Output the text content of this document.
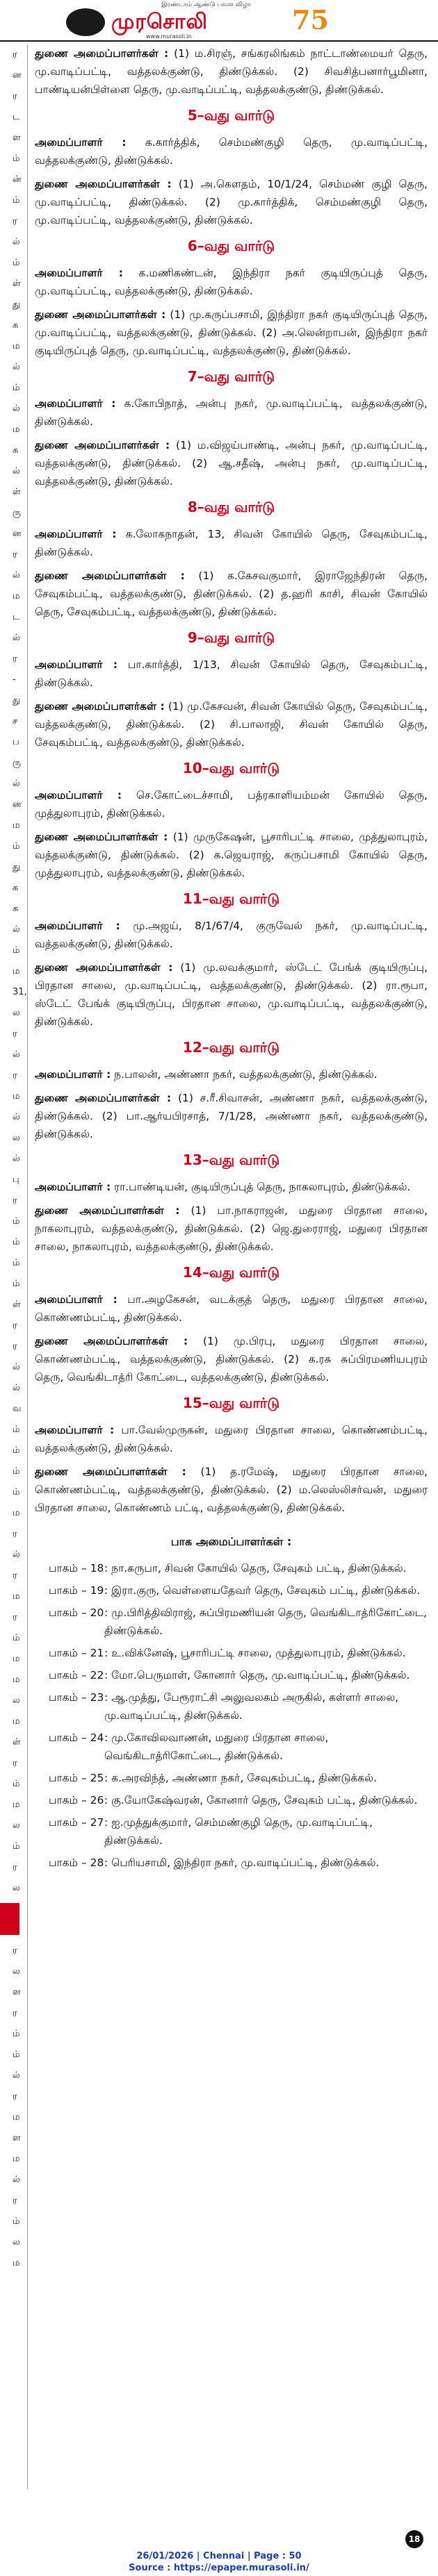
இரண்டாம் ஆண்டு பவள விழா
முரசொலி
www.murasoli.in
75
ர
ன
ர
ட
ள
ம்
ன்
ம்
ர
ல்
ம்
ள்
து
க
ம
ல்
ம்
ல்
ம
க
ல்
ள்
ரு
ன
ர
ல்
ம
ட
ல்
ர
-
து
ச
ப
ரு
ல்
ன
ம
ம்
து
க
க
ல்
ம்
ம
31,
ல
ர
ல்
ர
ம
ல்
ல
ல்
பு
ர
ம்
ம்
ம்
ம்
ள்
ர
ர
ல்
ல்
வ
ம்
ம்
ம்
ம்
ம
ர
ல்
ர
ம
ர
ம்
ம
ம
ல
ம
ள்
ர
ம்
ம
ல
ம்
ர
ல
ர
ல
ள
ர
ம்
ம்
ல்
ர
ம
ள
ம
ல்
ர
ம்
ல
ம

துணை அமைப்பாளர்கள் : (1) ம.சிரஞ், சங்கரலிங்கம் நாட்டாண்மையர் தெரு, மு.வாடிப்பட்டி, வத்தலக்குண்டு, திண்டுக்கல். (2) சிவசித்பனார்பூமினா, பாண்டியன்பிள்ளை தெரு, மு.வாடிப்பட்டி, வத்தலக்குண்டு, திண்டுக்கல்.

5–வது வார்டு

அமைப்பாளர் : க.கார்த்திக், செம்மண்குழி தெரு, மு.வாடிப்பட்டி, வத்தலக்குண்டு, திண்டுக்கல்.

துணை அமைப்பாளர்கள் : (1) அ.கௌதம், 10/1/24, செம்மண் குழி தெரு, மு.வாடிப்பட்டி, திண்டுக்கல். (2) மு.கார்த்திக், செம்மண்குழி தெரு, மு.வாடிப்பட்டி, வத்தலக்குண்டு, திண்டுக்கல்.

6–வது வார்டு

அமைப்பாளர் : க.மணிகண்டன், இந்திரா நகர் குடியிருப்புத் தெரு, மு.வாடிப்பட்டி, வத்தலக்குண்டு, திண்டுக்கல்.

துணை அமைப்பாளர்கள் : (1) மு.கருப்பசாமி, இந்திரா நகர் குடியிருப்புத் தெரு, மு.வாடிப்பட்டி, வத்தலக்குண்டு, திண்டுக்கல். (2) அ.லென்றாபன், இந்திரா நகர் குடியிருப்புத் தெரு, மு.வாடிப்பட்டி, வத்தலக்குண்டு, திண்டுக்கல்.

7–வது வார்டு

அமைப்பாளர் : க.கோபிநாத், அன்பு நகர், மு.வாடிப்பட்டி, வத்தலக்குண்டு, திண்டுக்கல்.

துணை அமைப்பாளர்கள் : (1) ம.விஜய்பாண்டி, அன்பு நகர், மு.வாடிப்பட்டி, வத்தலக்குண்டு, திண்டுக்கல். (2) ஆ.சதீஷ், அன்பு நகர், மு.வாடிப்பட்டி, வத்தலக்குண்டு, திண்டுக்கல்.

8–வது வார்டு

அமைப்பாளர் : க.லோகநாதன், 13, சிவன் கோயில் தெரு, சேவுகம்பட்டி, திண்டுக்கல்.

துணை அமைப்பாளர்கள் : (1) க.கேசவகுமார், இராஜேந்திரன் தெரு, சேவுகம்பட்டி, வத்தலக்குண்டு, திண்டுக்கல். (2) த.ஹரி காசி, சிவன் கோயில் தெரு, சேவுகம்பட்டி, வத்தலக்குண்டு, திண்டுக்கல்.

9–வது வார்டு

அமைப்பாளர் : பா.கார்த்தி, 1/13, சிவன் கோயில் தெரு, சேவுகம்பட்டி, திண்டுக்கல்.

துணை அமைப்பாளர்கள் : (1) மு.கேசவன், சிவன் கோயில் தெரு, சேவுகம்பட்டி, வத்தலக்குண்டு, திண்டுக்கல். (2) சி.பாலாஜி, சிவன் கோயில் தெரு, சேவுகம்பட்டி, வத்தலக்குண்டு, திண்டுக்கல்.

10–வது வார்டு

அமைப்பாளர் : செ.கோட்டைச்சாமி, பத்ரகாளியம்மன் கோயில் தெரு, முத்துலாபுரம், திண்டுக்கல்.

துணை அமைப்பாளர்கள் : (1) முருகேஷன், பூசாரிபட்டி சாலை, முத்துலாபுரம், வத்தலக்குண்டு, திண்டுக்கல். (2) க.ஜெயராஜ், கருப்பசாமி கோயில் தெரு, முத்துலாபுரம், வத்தலக்குண்டு, திண்டுக்கல்.

11–வது வார்டு

அமைப்பாளர் : மு.அஜய், 8/1/67/4, குருவேல் நகர், மு.வாடிப்பட்டி, வத்தலக்குண்டு, திண்டுக்கல்.

துணை அமைப்பாளர்கள் : (1) மு.லவக்குமார், ஸ்டேட் பேங்க் குடியிருப்பு, பிரதான சாலை, மு.வாடிப்பட்டி, வத்தலக்குண்டு, திண்டுக்கல். (2) ரா.ரூபா, ஸ்டேட் பேங்க் குடியிருப்பு, பிரதான சாலை, மு.வாடிப்பட்டி, வத்தலக்குண்டு, திண்டுக்கல்.

12–வது வார்டு

அமைப்பாளர் : ந.பாலன், அண்ணா நகர், வத்தலக்குண்டு, திண்டுக்கல்.

துணை அமைப்பாளர்கள் : (1) ச.ரீ.சிவாசன், அண்ணா நகர், வத்தலக்குண்டு, திண்டுக்கல். (2) பா.ஆர்யபிரசாத், 7/1/28, அண்ணா நகர், வத்தலக்குண்டு, திண்டுக்கல்.

13–வது வார்டு

அமைப்பாளர் : ரா.பாண்டியன், குடியிருப்புத் தெரு, நாகலாபுரம், திண்டுக்கல்.

துணை அமைப்பாளர்கள் : (1) பா.நாகராஜன், மதுரை பிரதான சாலை, நாகலாபுரம், வத்தலக்குண்டு, திண்டுக்கல். (2) ஜெ.துரைராஜ், மதுரை பிரதான சாலை, நாகலாபுரம், வத்தலக்குண்டு, திண்டுக்கல்.

14–வது வார்டு

அமைப்பாளர் : பா.அழகேசன், வடக்குத் தெரு, மதுரை பிரதான சாலை, கொண்ணம்பட்டி, திண்டுக்கல்.

துணை அமைப்பாளர்கள் : (1) மு.பிரபு, மதுரை பிரதான சாலை, கொண்ணம்பட்டி, வத்தலக்குண்டு, திண்டுக்கல். (2) க.ரசு சுப்பிரமணியபுரம் தெரு, வெங்கிடாத்ரி கோட்டை, வத்தலக்குண்டு, திண்டுக்கல்.

15–வது வார்டு

அமைப்பாளர் : பா.வேல்முருகன், மதுரை பிரதான சாலை, கொண்ணம்பட்டி, வத்தலக்குண்டு, திண்டுக்கல்.

துணை அமைப்பாளர்கள் : (1) த.ரமேஷ், மதுரை பிரதான சாலை, கொண்ணம்பட்டி, வத்தலக்குண்டு, திண்டுக்கல். (2) ம.லெஸ்லிசர்வன், மதுரை பிரதான சாலை, கொண்ணம் பட்டி, வத்தலக்குண்டு, திண்டுக்கல்.

பாக அமைப்பாளர்கள் :
பாகம் – 18 : நா.கருபா, சிவன் கோயில் தெரு, சேவுகம் பட்டி, திண்டுக்கல்.
பாகம் – 19 : இரா.குரு, வெள்ளையதேவர் தெரு, சேவுகம் பட்டி, திண்டுக்கல்.
பாகம் – 20 : மு.பிரித்திவிராஜ், சுப்பிரமணியன் தெரு, வெங்கிடாத்ரிகோட்டை, திண்டுக்கல்.
பாகம் – 21 : உ.விக்னேஷ், பூசாரிபட்டி சாலை, முத்துலாபுரம், திண்டுக்கல்.
பாகம் – 22 : மோ.பெருமாள், கோனார் தெரு, மு.வாடிப்பட்டி, திண்டுக்கல்.
பாகம் – 23 : ஆ.முத்து, பேரூராட்சி அலுவலகம் அருகில், கள்ளர் சாலை, மு.வாடிப்பட்டி, திண்டுக்கல்.
பாகம் – 24 : மு.கோவிலவாணன், மதுரை பிரதான சாலை, வெங்கிடாத்ரிகோட்டை, திண்டுக்கல்.
பாகம் – 25 : க.அரவிந்த், அண்ணா நகர், சேவுகம்பட்டி, திண்டுக்கல்.
பாகம் – 26 : கு.யோகேஷ்வரன், கோனார் தெரு, சேவுகம் பட்டி, திண்டுக்கல்.
பாகம் – 27 : ஐ.முத்துக்குமார், செம்மண்குழி தெரு, மு.வாடிப்பட்டி, திண்டுக்கல்.
பாகம் – 28 : பெரியசாமி, இந்திரா நகர், மு.வாடிப்பட்டி, திண்டுக்கல்.
18
26/01/2026 | Chennai | Page : 50
Source : https://epaper.murasoli.in/
